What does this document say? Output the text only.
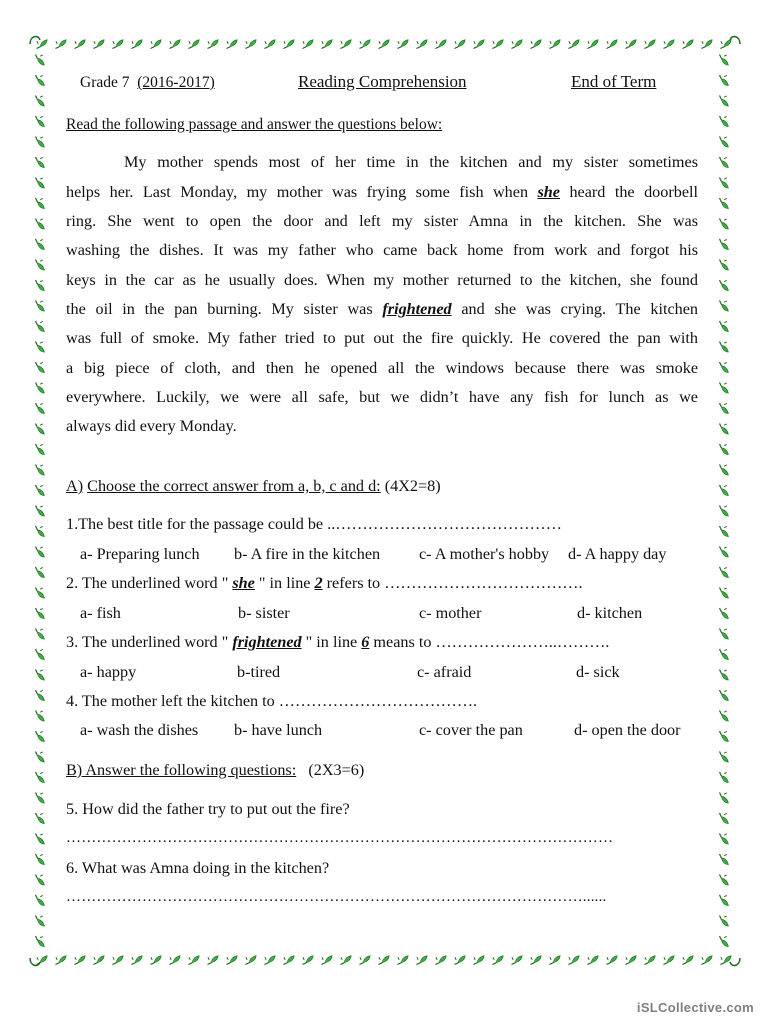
Grade 7 (2016-2017)	Reading Comprehension	End of Term
Read the following passage and answer the questions below:
My mother spends most of her time in the kitchen and my sister sometimes
helps her. Last Monday, my mother was frying some fish when she heard the doorbell
ring. She went to open the door and left my sister Amna in the kitchen. She was
washing the dishes. It was my father who came back home from work and forgot his
keys in the car as he usually does. When my mother returned to the kitchen, she found
the oil in the pan burning. My sister was frightened and she was crying. The kitchen
was full of smoke. My father tried to put out the fire quickly. He covered the pan with
a big piece of cloth, and then he opened all the windows because there was smoke
everywhere. Luckily, we were all safe, but we didn’t have any fish for lunch as we
always did every Monday.
A) Choose the correct answer from a, b, c and d: (4X2=8)
1.The best title for the passage could be ..……………………………………
a- Preparing lunch b- A fire in the kitchen c- A mother's hobby d- A happy day
2. The underlined word " she " in line 2 refers to ……………………………….
a- fish	b- sister	c- mother	d- kitchen
3. The underlined word " frightened " in line 6 means to …………………..……….
a- happy	b-tired	c- afraid	d- sick
4. The mother left the kitchen to ……………………………….
a- wash the dishes b- have lunch	c- cover the pan	d- open the door
B) Answer the following questions: (2X3=6)
5. How did the father try to put out the fire?
………………………………………………………………………………………………
6. What was Amna doing in the kitchen?
…………………………………………………………………………………………......
iSLCollective.com
